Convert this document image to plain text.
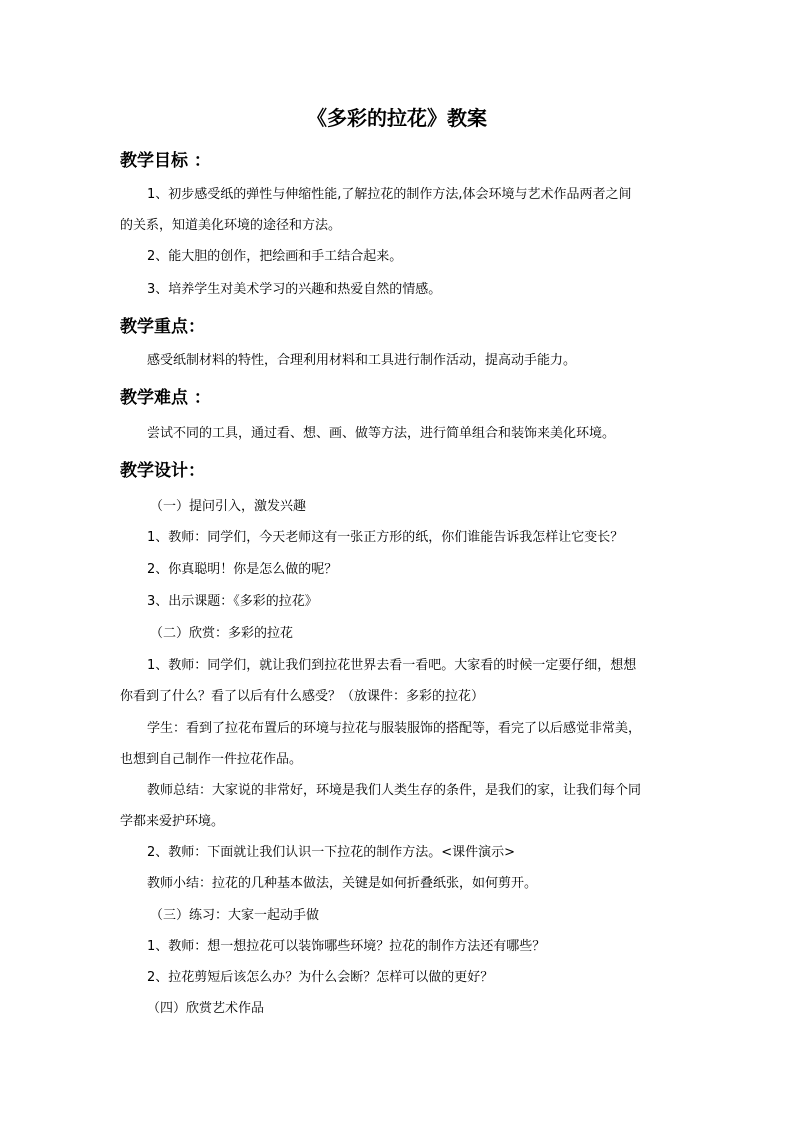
《多彩的拉花》教案
教学目标 ：
1、初步感受纸的弹性与伸缩性能,了解拉花的制作方法,体会环境与艺术作品两者之间
的关系，知道美化环境的途径和方法。
2、能大胆的创作，把绘画和手工结合起来。
3、培养学生对美术学习的兴趣和热爱自然的情感。
教学重点：
感受纸制材料的特性，合理利用材料和工具进行制作活动，提高动手能力。
教学难点 ：
尝试不同的工具，通过看、想、画、做等方法，进行简单组合和装饰来美化环境。
教学设计：
（一）提问引入，激发兴趣
1、教师：同学们，今天老师这有一张正方形的纸，你们谁能告诉我怎样让它变长？
2、你真聪明！你是怎么做的呢？
3、出示课题：《多彩的拉花》
（二）欣赏：多彩的拉花
1、教师：同学们，就让我们到拉花世界去看一看吧。大家看的时候一定要仔细，想想
你看到了什么？看了以后有什么感受？（放课件：多彩的拉花）
学生：看到了拉花布置后的环境与拉花与服装服饰的搭配等，看完了以后感觉非常美，
也想到自己制作一件拉花作品。
教师总结：大家说的非常好，环境是我们人类生存的条件，是我们的家，让我们每个同
学都来爱护环境。
2、教师：下面就让我们认识一下拉花的制作方法。<课件演示>
教师小结：拉花的几种基本做法，关键是如何折叠纸张，如何剪开。
（三）练习：大家一起动手做
1、教师：想一想拉花可以装饰哪些环境？拉花的制作方法还有哪些？
2、拉花剪短后该怎么办？为什么会断？怎样可以做的更好？
（四）欣赏艺术作品
